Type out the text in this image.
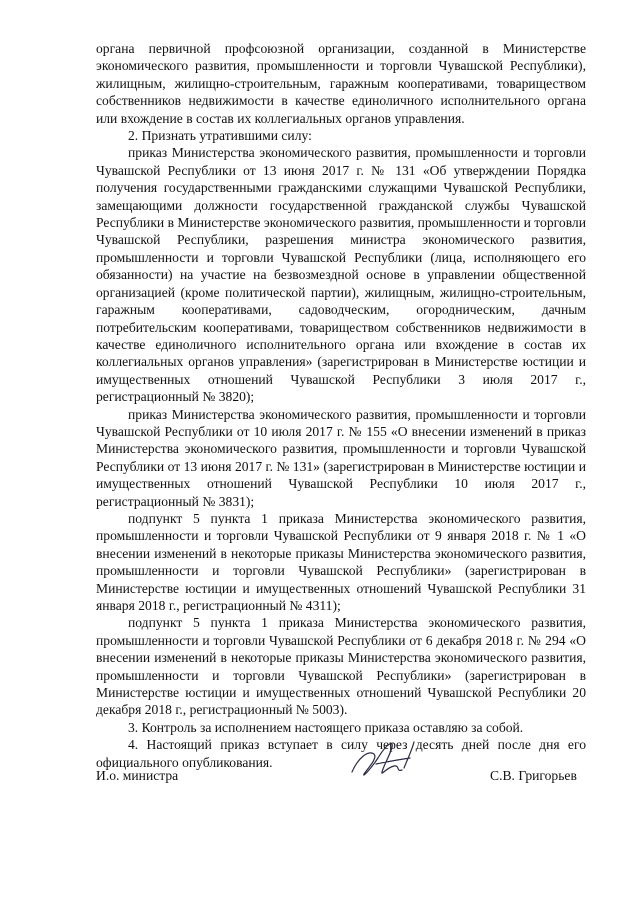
органа первичной профсоюзной организации, созданной в Министерстве экономического развития, промышленности и торговли Чувашской Республики), жилищным, жилищно-строительным, гаражным кооперативами, товариществом собственников недвижимости в качестве единоличного исполнительного органа или вхождение в состав их коллегиальных органов управления.

2. Признать утратившими силу:

приказ Министерства экономического развития, промышленности и торговли Чувашской Республики от 13 июня 2017 г. № 131 «Об утверждении Порядка получения государственными гражданскими служащими Чувашской Республики, замещающими должности государственной гражданской службы Чувашской Республики в Министерстве экономического развития, промышленности и торговли Чувашской Республики, разрешения министра экономического развития, промышленности и торговли Чувашской Республики (лица, исполняющего его обязанности) на участие на безвозмездной основе в управлении общественной организацией (кроме политической партии), жилищным, жилищно-строительным, гаражным кооперативами, садоводческим, огородническим, дачным потребительским кооперативами, товариществом собственников недвижимости в качестве единоличного исполнительного органа или вхождение в состав их коллегиальных органов управления» (зарегистрирован в Министерстве юстиции и имущественных отношений Чувашской Республики 3 июля 2017 г., регистрационный № 3820);

приказ Министерства экономического развития, промышленности и торговли Чувашской Республики от 10 июля 2017 г. № 155 «О внесении изменений в приказ Министерства экономического развития, промышленности и торговли Чувашской Республики от 13 июня 2017 г. № 131» (зарегистрирован в Министерстве юстиции и имущественных отношений Чувашской Республики 10 июля 2017 г., регистрационный № 3831);

подпункт 5 пункта 1 приказа Министерства экономического развития, промышленности и торговли Чувашской Республики от 9 января 2018 г. № 1 «О внесении изменений в некоторые приказы Министерства экономического развития, промышленности и торговли Чувашской Республики» (зарегистрирован в Министерстве юстиции и имущественных отношений Чувашской Республики 31 января 2018 г., регистрационный № 4311);

подпункт 5 пункта 1 приказа Министерства экономического развития, промышленности и торговли Чувашской Республики от 6 декабря 2018 г. № 294 «О внесении изменений в некоторые приказы Министерства экономического развития, промышленности и торговли Чувашской Республики» (зарегистрирован в Министерстве юстиции и имущественных отношений Чувашской Республики 20 декабря 2018 г., регистрационный № 5003).

3. Контроль за исполнением настоящего приказа оставляю за собой.

4. Настоящий приказ вступает в силу через десять дней после дня его официального опубликования.

И.о. министра	С.В. Григорьев
